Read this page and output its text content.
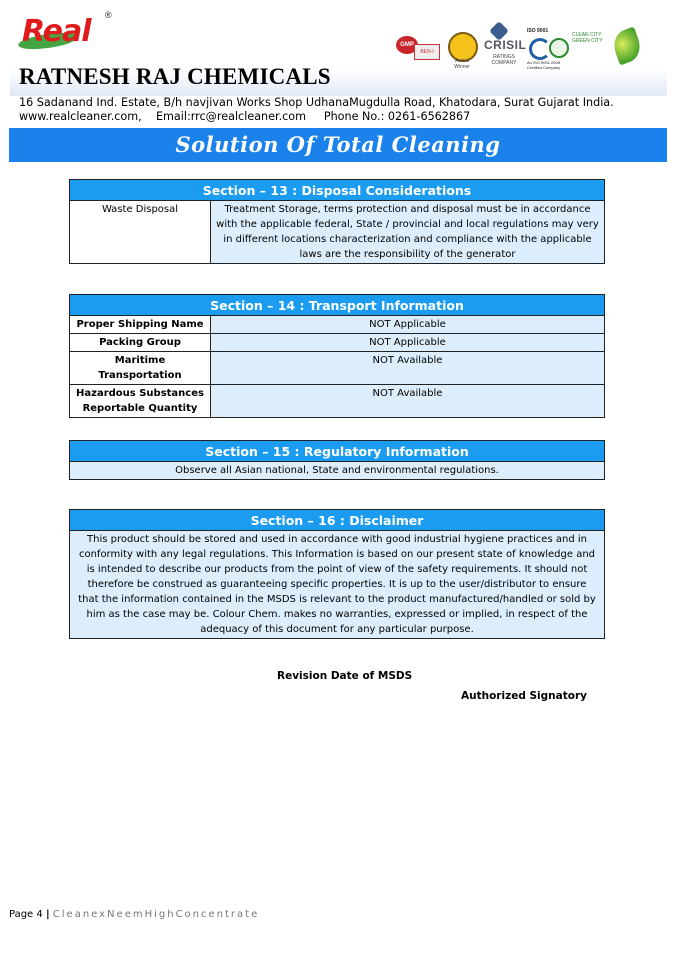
Real ®
GMP
BEN-I
Award Winner
CRISIL
RATINGS COMPANY
ISO 9001
An ISO 9001:2008 Certified Company
CLEAN CITY GREEN CITY
RATNESH RAJ CHEMICALS
16 Sadanand Ind. Estate, B/h navjivan Works Shop UdhanaMugdulla Road, Khatodara, Surat Gujarat India.
www.realcleaner.com,    Email:rrc@realcleaner.com     Phone No.: 0261-6562867
Solution Of Total Cleaning
Section – 13 : Disposal Considerations
Waste Disposal	Treatment Storage, terms protection and disposal must be in accordance with the applicable federal, State / provincial and local regulations may very in different locations characterization and compliance with the applicable laws are the responsibility of the generator
Section – 14 : Transport Information	
Proper Shipping Name	NOT Applicable
Packing Group	NOT Applicable
Maritime Transportation	NOT Available
Hazardous Substances Reportable Quantity	NOT Available
Section – 15 : Regulatory Information
Observe all Asian national, State and environmental regulations.
Section – 16 : Disclaimer
This product should be stored and used in accordance with good industrial hygiene practices and in conformity with any legal regulations. This Information is based on our present state of knowledge and is intended to describe our products from the point of view of the safety requirements. It should not therefore be construed as guaranteeing specific properties. It is up to the user/distributor to ensure that the information contained in the MSDS is relevant to the product manufactured/handled or sold by him as the case may be. Colour Chem. makes no warranties, expressed or implied, in respect of the adequacy of this document for any particular purpose.
Revision Date of MSDS
Authorized Signatory
Page 4 | CleanexNeemHighConcentrate
